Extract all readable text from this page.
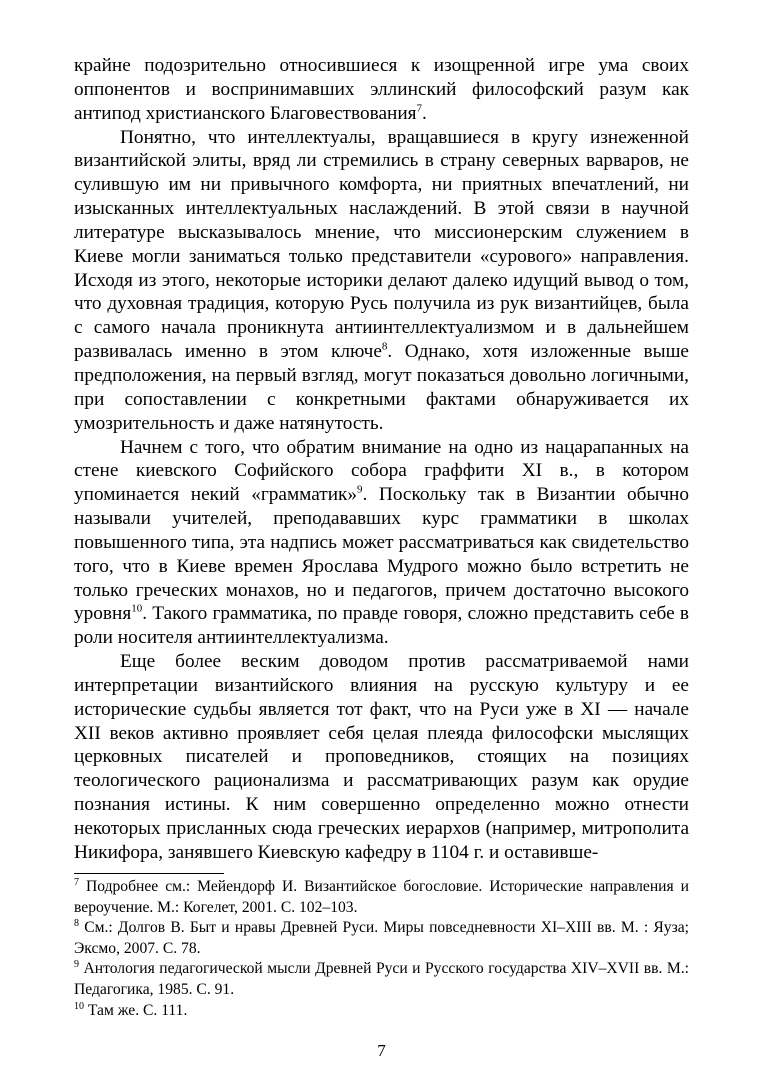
крайне подозрительно относившиеся к изощренной игре ума своих оппонентов и воспринимавших эллинский философский разум как антипод христианского Благовествования$^7$.

Понятно, что интеллектуалы, вращавшиеся в кругу изнеженной византийской элиты, вряд ли стремились в страну северных варваров, не сулившую им ни привычного комфорта, ни приятных впечатлений, ни изысканных интеллектуальных наслаждений. В этой связи в научной литературе высказывалось мнение, что миссионерским служением в Киеве могли заниматься только представители «сурового» направления. Исходя из этого, некоторые историки делают далеко идущий вывод о том, что духовная традиция, которую Русь получила из рук византийцев, была с самого начала проникнута антиинтеллектуализмом и в дальнейшем развивалась именно в этом ключе$^8$. Однако, хотя изложенные выше предположения, на первый взгляд, могут показаться довольно логичными, при сопоставлении с конкретными фактами обнаруживается их умозрительность и даже натянутость.

Начнем с того, что обратим внимание на одно из нацарапанных на стене киевского Софийского собора граффити XI в., в котором упоминается некий «грамматик»$^9$. Поскольку так в Византии обычно называли учителей, преподававших курс грамматики в школах повышенного типа, эта надпись может рассматриваться как свидетельство того, что в Киеве времен Ярослава Мудрого можно было встретить не только греческих монахов, но и педагогов, причем достаточно высокого уровня$^{10}$. Такого грамматика, по правде говоря, сложно представить себе в роли носителя антиинтеллектуализма.

Еще более веским доводом против рассматриваемой нами интерпретации византийского влияния на русскую культуру и ее исторические судьбы является тот факт, что на Руси уже в XI — начале XII веков активно проявляет себя целая плеяда философски мыслящих церковных писателей и проповедников, стоящих на позициях теологического рационализма и рассматривающих разум как орудие познания истины. К ним совершенно определенно можно отнести некоторых присланных сюда греческих иерархов (например, митрополита Никифора, занявшего Киевскую кафедру в 1104 г. и оставивше-

$^7$ Подробнее см.: Мейендорф И. Византийское богословие. Исторические направления и вероучение. М.: Когелет, 2001. С. 102–103.

$^8$ См.: Долгов В. Быт и нравы Древней Руси. Миры повседневности XI–XIII вв. М. : Яуза; Эксмо, 2007. С. 78.

$^9$ Антология педагогической мысли Древней Руси и Русского государства XIV–XVII вв. М.: Педагогика, 1985. С. 91.

$^{10}$ Там же. С. 111.

7
